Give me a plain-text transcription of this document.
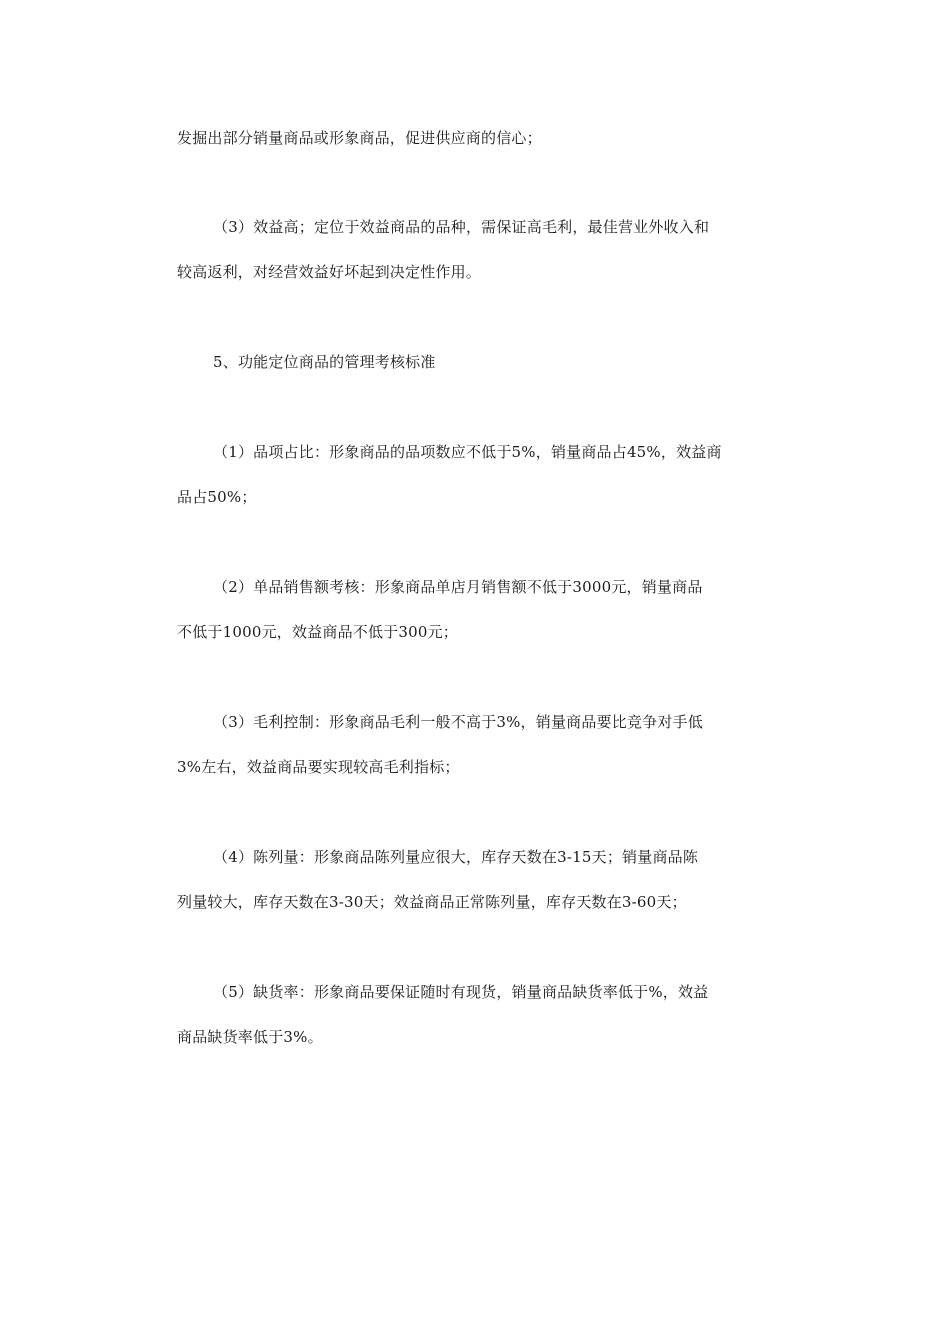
发掘出部分销量商品或形象商品，促进供应商的信心；
（3）效益高；定位于效益商品的品种，需保证高毛利，最佳营业外收入和
较高返利，对经营效益好坏起到决定性作用。
5、功能定位商品的管理考核标准
（1）品项占比：形象商品的品项数应不低于5%，销量商品占45%，效益商
品占50%；
（2）单品销售额考核：形象商品单店月销售额不低于3000元，销量商品
不低于1000元，效益商品不低于300元；
（3）毛利控制：形象商品毛利一般不高于3%，销量商品要比竞争对手低
3%左右，效益商品要实现较高毛利指标；
（4）陈列量：形象商品陈列量应很大，库存天数在3-15天；销量商品陈
列量较大，库存天数在3-30天；效益商品正常陈列量，库存天数在3-60天；
（5）缺货率：形象商品要保证随时有现货，销量商品缺货率低于%，效益
商品缺货率低于3%。
